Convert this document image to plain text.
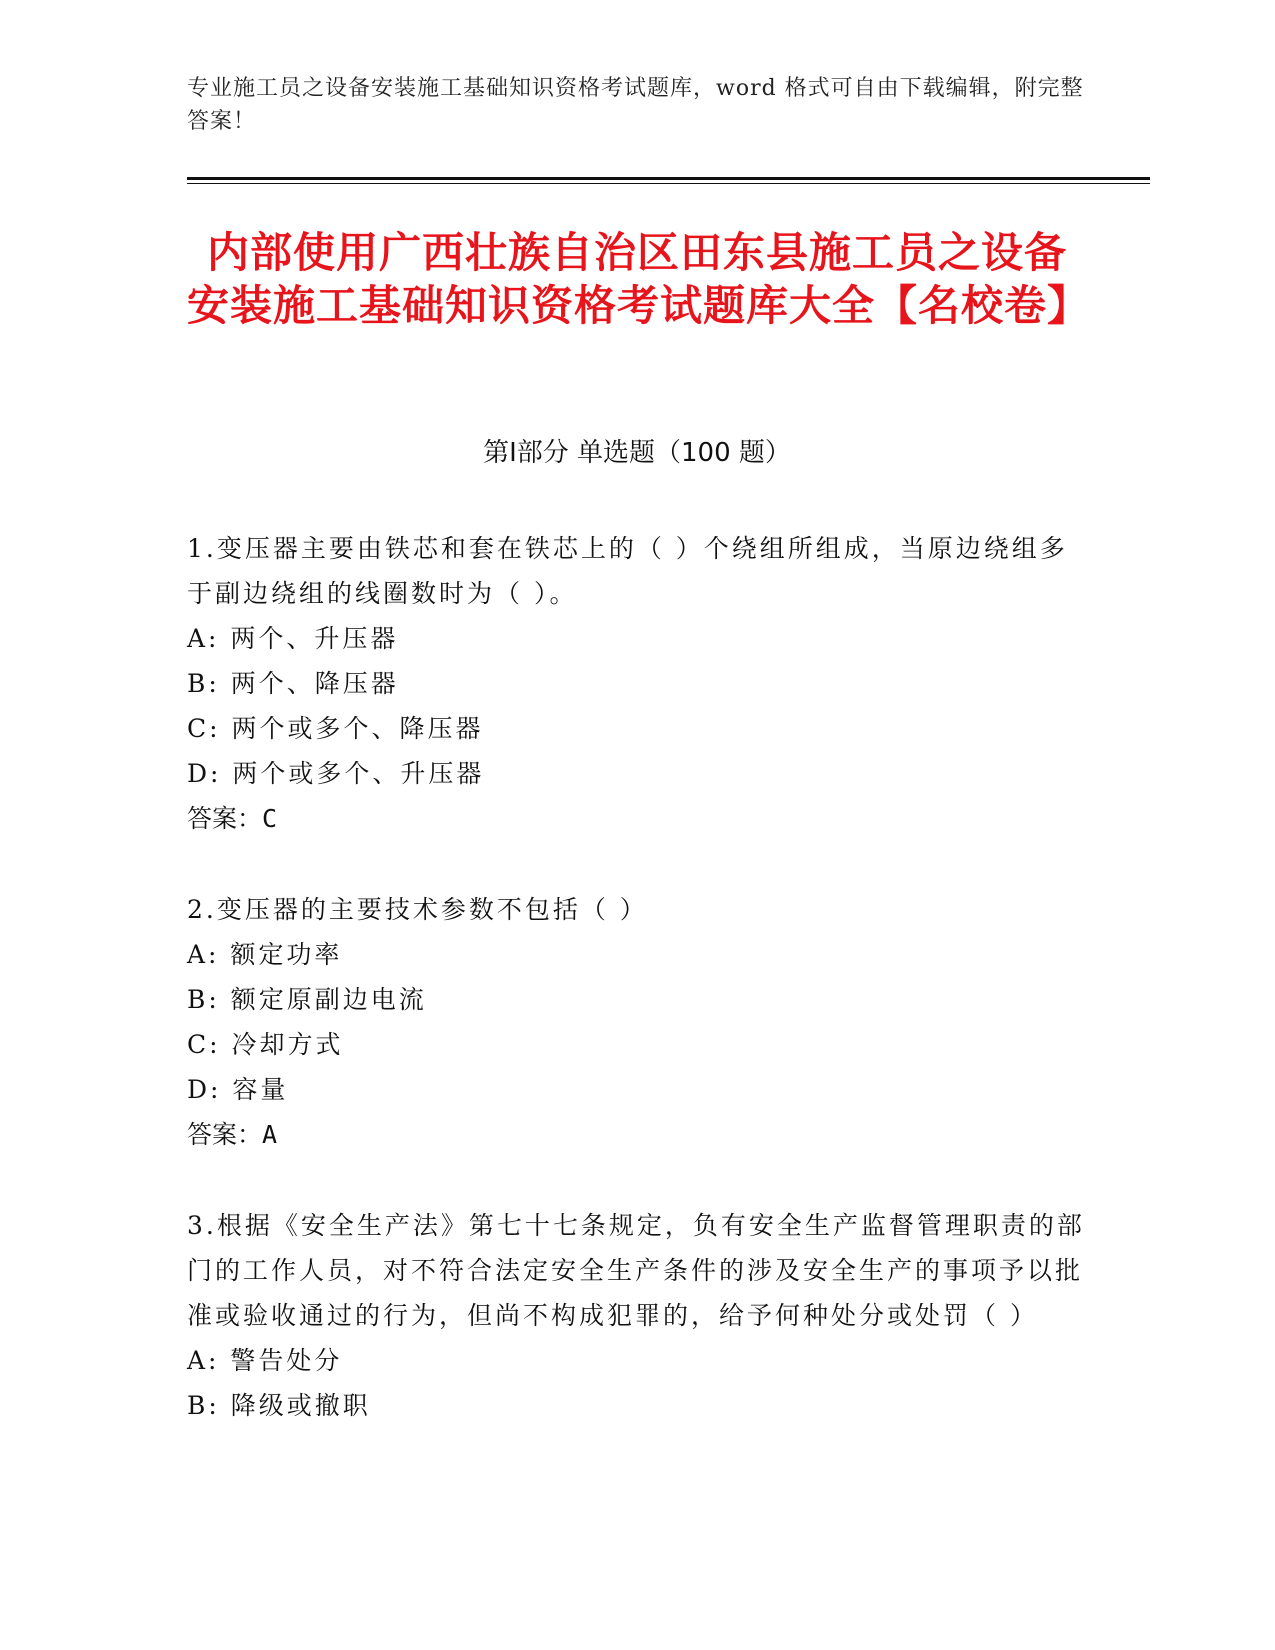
专业施工员之设备安装施工基础知识资格考试题库，word 格式可自由下载编辑，附完整答案！
内部使用广西壮族自治区田东县施工员之设备安装施工基础知识资格考试题库大全【名校卷】
第Ⅰ部分 单选题（100 题）
1.变压器主要由铁芯和套在铁芯上的（ ）个绕组所组成，当原边绕组多于副边绕组的线圈数时为（ ）。
A: 两个、升压器
B: 两个、降压器
C: 两个或多个、降压器
D: 两个或多个、升压器
答案：C
2.变压器的主要技术参数不包括（ ）
A: 额定功率
B: 额定原副边电流
C: 冷却方式
D: 容量
答案：A
3.根据《安全生产法》第七十七条规定，负有安全生产监督管理职责的部门的工作人员，对不符合法定安全生产条件的涉及安全生产的事项予以批准或验收通过的行为，但尚不构成犯罪的，给予何种处分或处罚（ ）
A: 警告处分
B: 降级或撤职
